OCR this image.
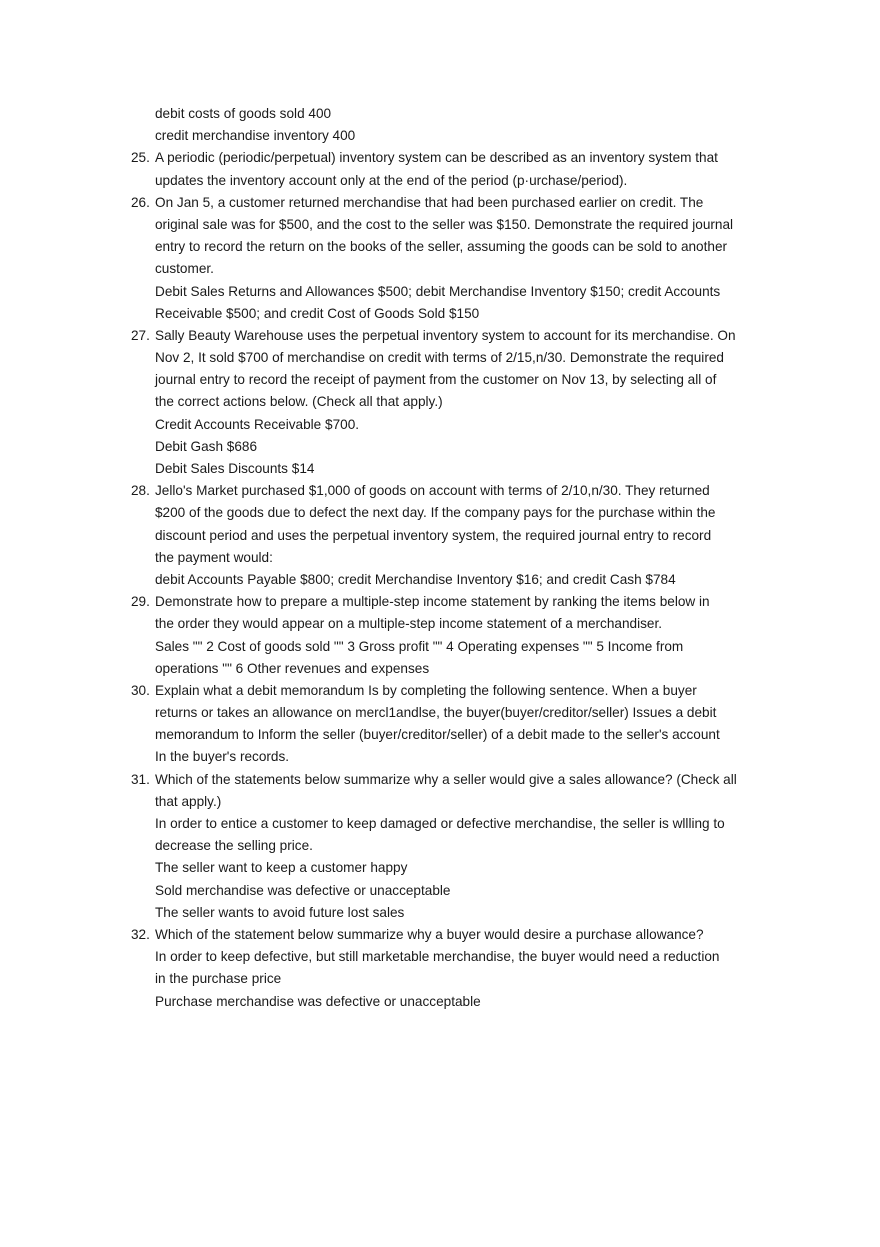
debit costs of goods sold 400
credit merchandise inventory 400
25. A periodic (periodic/perpetual) inventory system can be described as an inventory system that
updates the inventory account only at the end of the period (p·urchase/period).
26. On Jan 5, a customer returned merchandise that had been purchased earlier on credit. The
original sale was for $500, and the cost to the seller was $150. Demonstrate the required journal
entry to record the return on the books of the seller, assuming the goods can be sold to another
customer.
Debit Sales Returns and Allowances $500; debit Merchandise Inventory $150; credit Accounts
Receivable $500; and credit Cost of Goods Sold $150
27. Sally Beauty Warehouse uses the perpetual inventory system to account for its merchandise. On
Nov 2, It sold $700 of merchandise on credit with terms of 2/15,n/30. Demonstrate the required
journal entry to record the receipt of payment from the customer on Nov 13, by selecting all of
the correct actions below. (Check all that apply.)
Credit Accounts Receivable $700.
Debit Gash $686
Debit Sales Discounts $14
28. Jello's Market purchased $1,000 of goods on account with terms of 2/10,n/30. They returned
$200 of the goods due to defect the next day. If the company pays for the purchase within the
discount period and uses the perpetual inventory system, the required journal entry to record
the payment would:
debit Accounts Payable $800; credit Merchandise Inventory $16; and credit Cash $784
29. Demonstrate how to prepare a multiple-step income statement by ranking the items below in
the order they would appear on a multiple-step income statement of a merchandiser.
Sales "" 2 Cost of goods sold "" 3 Gross profit "" 4 Operating expenses "" 5 Income from
operations "" 6 Other revenues and expenses
30. Explain what a debit memorandum Is by completing the following sentence. When a buyer
returns or takes an allowance on mercl1andlse, the buyer(buyer/creditor/seller) Issues a debit
memorandum to Inform the seller (buyer/creditor/seller) of a debit made to the seller's account
In the buyer's records.
31. Which of the statements below summarize why a seller would give a sales allowance? (Check all
that apply.)
In order to entice a customer to keep damaged or defective merchandise, the seller is wllling to
decrease the selling price.
The seller want to keep a customer happy
Sold merchandise was defective or unacceptable
The seller wants to avoid future lost sales
32. Which of the statement below summarize why a buyer would desire a purchase allowance?
In order to keep defective, but still marketable merchandise, the buyer would need a reduction
in the purchase price
Purchase merchandise was defective or unacceptable
